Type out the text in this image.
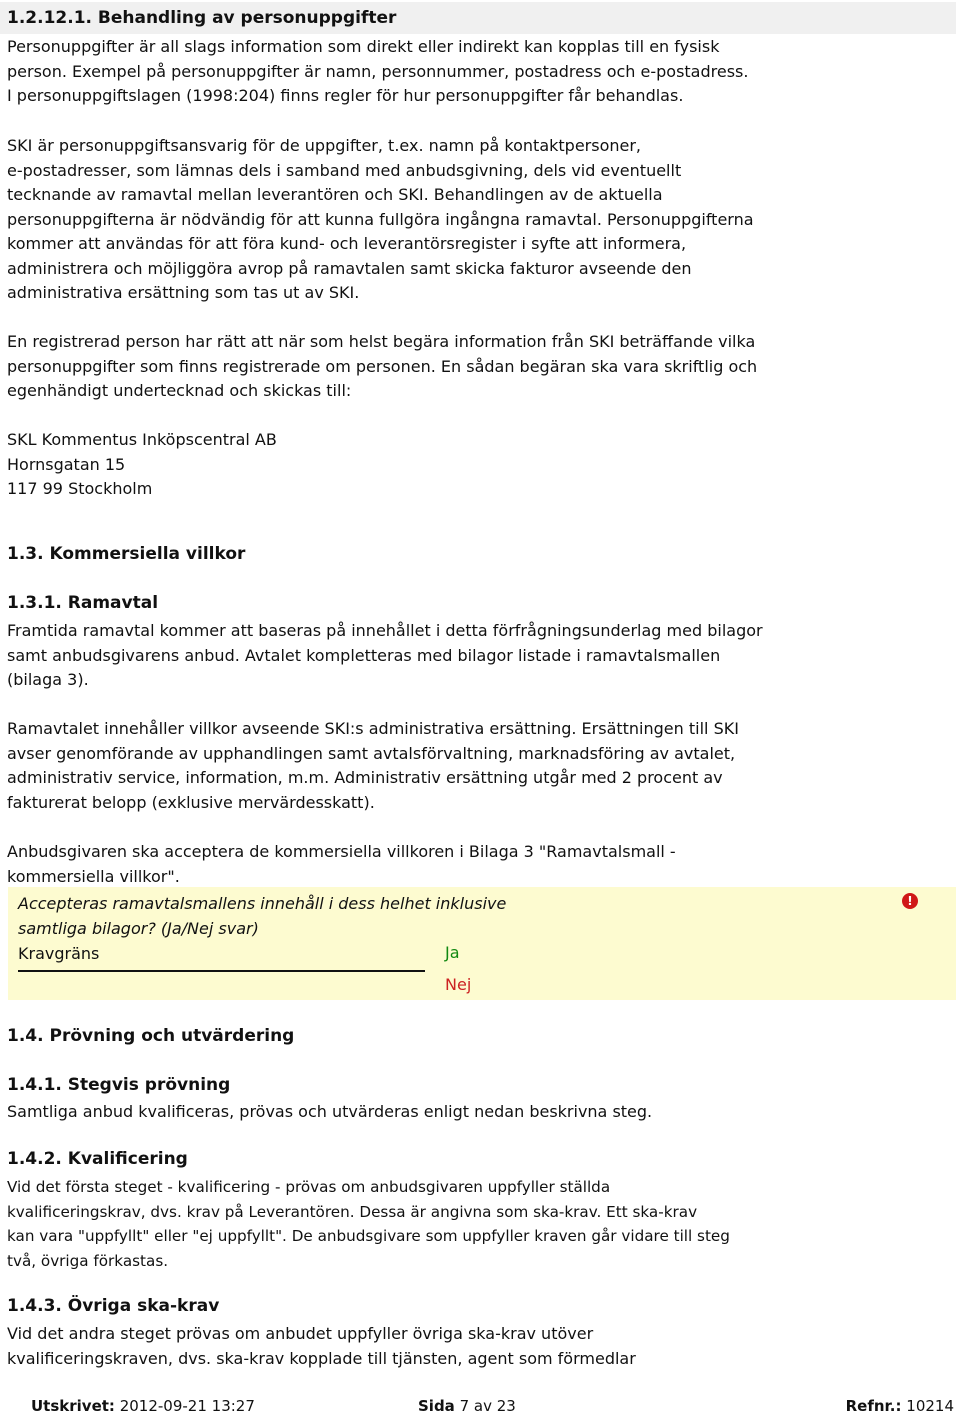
1.2.12.1. Behandling av personuppgifter
Personuppgifter är all slags information som direkt eller indirekt kan kopplas till en fysisk
person. Exempel på personuppgifter är namn, personnummer, postadress och e-postadress.
I personuppgiftslagen (1998:204) finns regler för hur personuppgifter får behandlas.
SKI är personuppgiftsansvarig för de uppgifter, t.ex. namn på kontaktpersoner,
e-postadresser, som lämnas dels i samband med anbudsgivning, dels vid eventuellt
tecknande av ramavtal mellan leverantören och SKI. Behandlingen av de aktuella
personuppgifterna är nödvändig för att kunna fullgöra ingångna ramavtal. Personuppgifterna
kommer att användas för att föra kund- och leverantörsregister i syfte att informera,
administrera och möjliggöra avrop på ramavtalen samt skicka fakturor avseende den
administrativa ersättning som tas ut av SKI.
En registrerad person har rätt att när som helst begära information från SKI beträffande vilka
personuppgifter som finns registrerade om personen. En sådan begäran ska vara skriftlig och
egenhändigt undertecknad och skickas till:
SKL Kommentus Inköpscentral AB
Hornsgatan 15
117 99 Stockholm
1.3. Kommersiella villkor
1.3.1. Ramavtal
Framtida ramavtal kommer att baseras på innehållet i detta förfrågningsunderlag med bilagor
samt anbudsgivarens anbud. Avtalet kompletteras med bilagor listade i ramavtalsmallen
(bilaga 3).
Ramavtalet innehåller villkor avseende SKI:s administrativa ersättning. Ersättningen till SKI
avser genomförande av upphandlingen samt avtalsförvaltning, marknadsföring av avtalet,
administrativ service, information, m.m. Administrativ ersättning utgår med 2 procent av
fakturerat belopp (exklusive mervärdesskatt).
Anbudsgivaren ska acceptera de kommersiella villkoren i Bilaga 3 "Ramavtalsmall -
kommersiella villkor".
Accepteras ramavtalsmallens innehåll i dess helhet inklusive
samtliga bilagor? (Ja/Nej svar)
Kravgräns	Ja
Nej
!
1.4. Prövning och utvärdering
1.4.1. Stegvis prövning
Samtliga anbud kvalificeras, prövas och utvärderas enligt nedan beskrivna steg.
1.4.2. Kvalificering
Vid det första steget - kvalificering - prövas om anbudsgivaren uppfyller ställda
kvalificeringskrav, dvs. krav på Leverantören. Dessa är angivna som ska-krav. Ett ska-krav
kan vara "uppfyllt" eller "ej uppfyllt". De anbudsgivare som uppfyller kraven går vidare till steg
två, övriga förkastas.
1.4.3. Övriga ska-krav
Vid det andra steget prövas om anbudet uppfyller övriga ska-krav utöver
kvalificeringskraven, dvs. ska-krav kopplade till tjänsten, agent som förmedlar
Utskrivet: 2012-09-21 13:27	Sida 7 av 23	Refnr.: 10214
